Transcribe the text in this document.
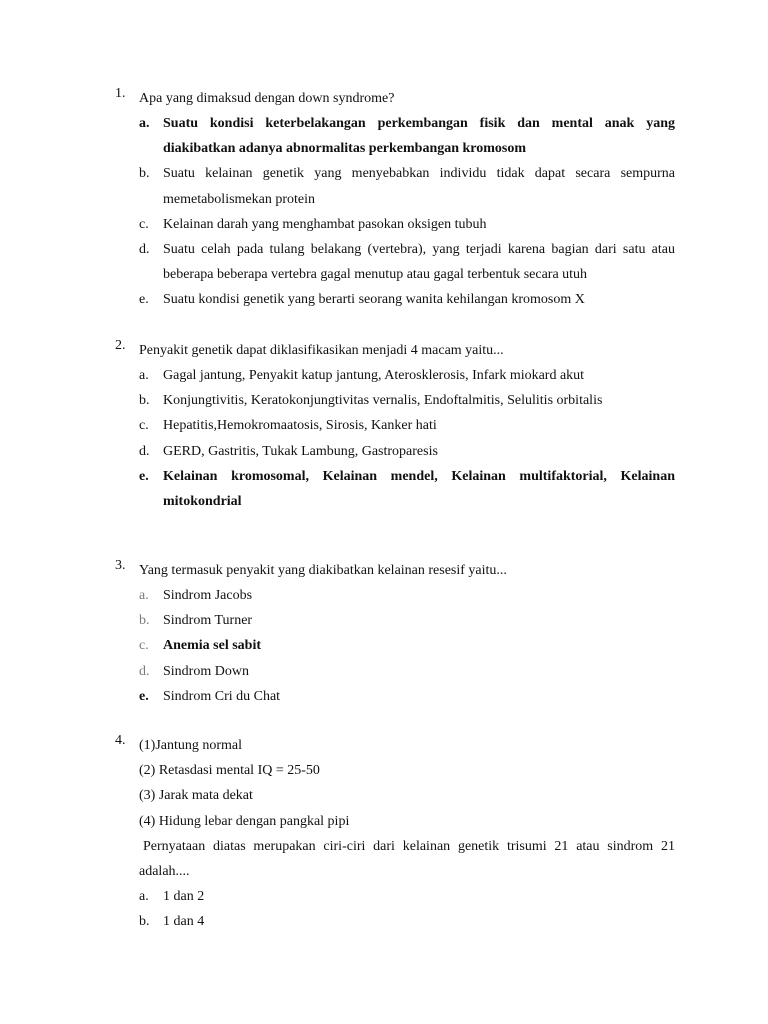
1. Apa yang dimaksud dengan down syndrome?
a. Suatu kondisi keterbelakangan perkembangan fisik dan mental anak yang diakibatkan adanya abnormalitas perkembangan kromosom
b. Suatu kelainan genetik yang menyebabkan individu tidak dapat secara sempurna memetabolismekan protein
c.	Kelainan darah yang menghambat pasokan oksigen tubuh
d. Suatu celah pada tulang belakang (vertebra), yang terjadi karena bagian dari satu atau beberapa beberapa vertebra gagal menutup atau gagal terbentuk secara utuh
e.	Suatu kondisi genetik yang berarti seorang wanita kehilangan kromosom X
2. Penyakit genetik dapat diklasifikasikan menjadi 4 macam yaitu...
a.	Gagal jantung, Penyakit katup jantung, Aterosklerosis, Infark miokard akut
b. Konjungtivitis, Keratokonjungtivitas vernalis, Endoftalmitis, Selulitis orbitalis
c.	Hepatitis,Hemokromaatosis, Sirosis, Kanker hati
d. GERD, Gastritis, Tukak Lambung, Gastroparesis
e.	Kelainan kromosomal, Kelainan mendel, Kelainan multifaktorial, Kelainan mitokondrial
3. Yang termasuk penyakit yang diakibatkan kelainan resesif yaitu...
a.	Sindrom Jacobs
b. Sindrom Turner
c.	Anemia sel sabit
d. Sindrom Down
e.	Sindrom Cri du Chat
4. (1)Jantung normal
(2) Retasdasi mental IQ = 25-50
(3) Jarak mata dekat
(4) Hidung lebar dengan pangkal pipi
Pernyataan diatas merupakan ciri-ciri dari kelainan genetik trisumi 21 atau sindrom 21 adalah....
a.	1 dan 2
b. 1 dan 4
